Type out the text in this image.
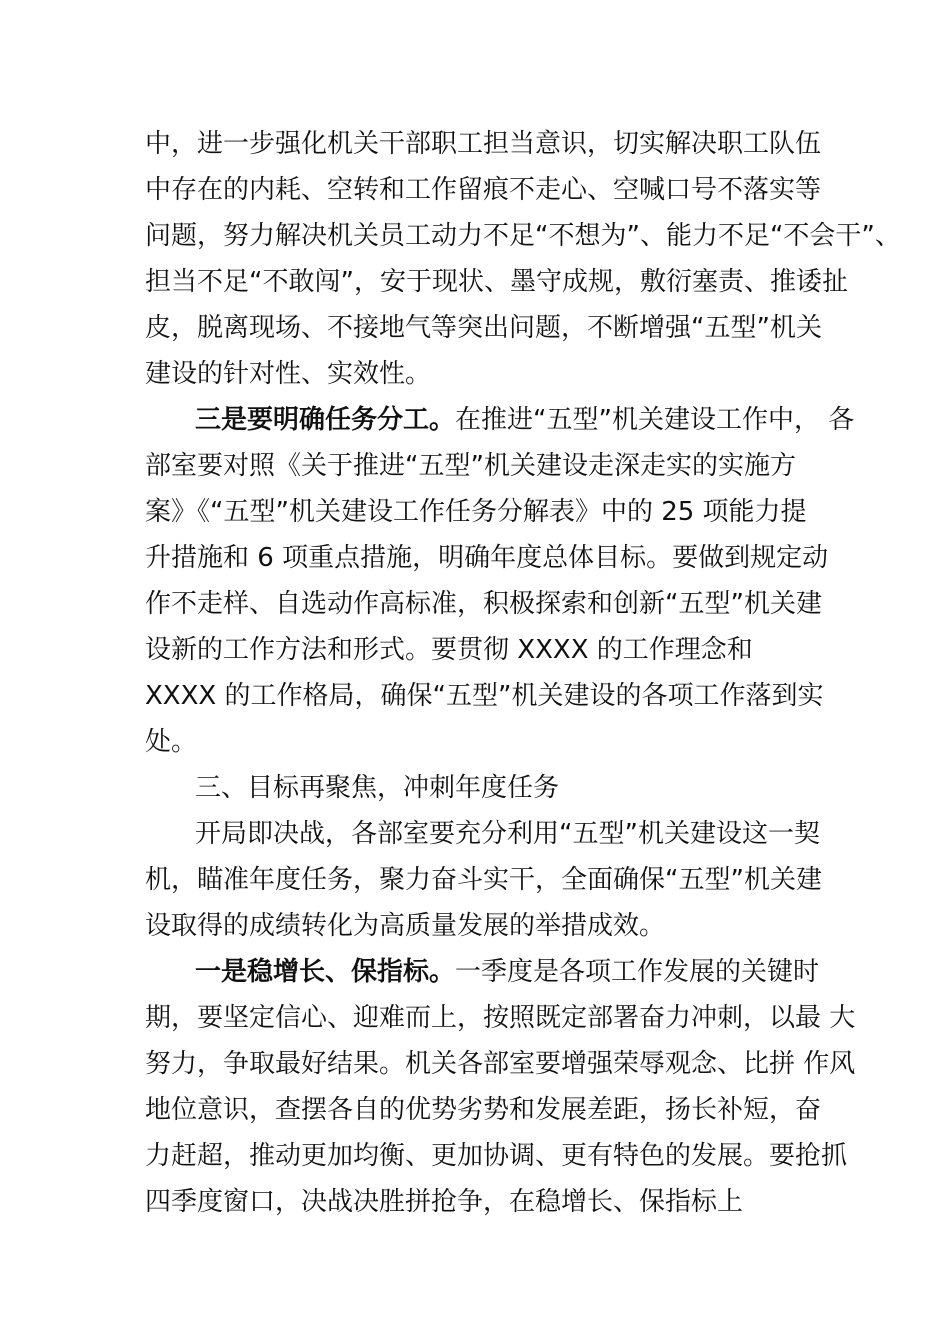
中，进一步强化机关干部职工担当意识，切实解决职工队伍
中存在的内耗、空转和工作留痕不走心、空喊口号不落实等
问题，努力解决机关员工动力不足“不想为”、能力不足“不会干”、
担当不足“不敢闯”，安于现状、墨守成规，敷衍塞责、推诿扯
皮，脱离现场、不接地气等突出问题，不断增强“五型”机关
建设的针对性、实效性。
三是要明确任务分工。在推进“五型”机关建设工作中， 各
部室要对照《关于推进“五型”机关建设走深走实的实施方
案》《“五型”机关建设工作任务分解表》中的 25 项能力提
升措施和 6 项重点措施，明确年度总体目标。要做到规定动
作不走样、自选动作高标准，积极探索和创新“五型”机关建
设新的工作方法和形式。要贯彻 XXXX 的工作理念和
XXXX 的工作格局，确保“五型”机关建设的各项工作落到实
处。
三、目标再聚焦，冲刺年度任务
开局即决战，各部室要充分利用“五型”机关建设这一契
机，瞄准年度任务，聚力奋斗实干，全面确保“五型”机关建
设取得的成绩转化为高质量发展的举措成效。
一是稳增长、保指标。一季度是各项工作发展的关键时
期，要坚定信心、迎难而上，按照既定部署奋力冲刺，以最 大
努力，争取最好结果。机关各部室要增强荣辱观念、比拼 作风
地位意识，查摆各自的优势劣势和发展差距，扬长补短，奋
力赶超，推动更加均衡、更加协调、更有特色的发展。要抢抓
四季度窗口，决战决胜拼抢争，在稳增长、保指标上
